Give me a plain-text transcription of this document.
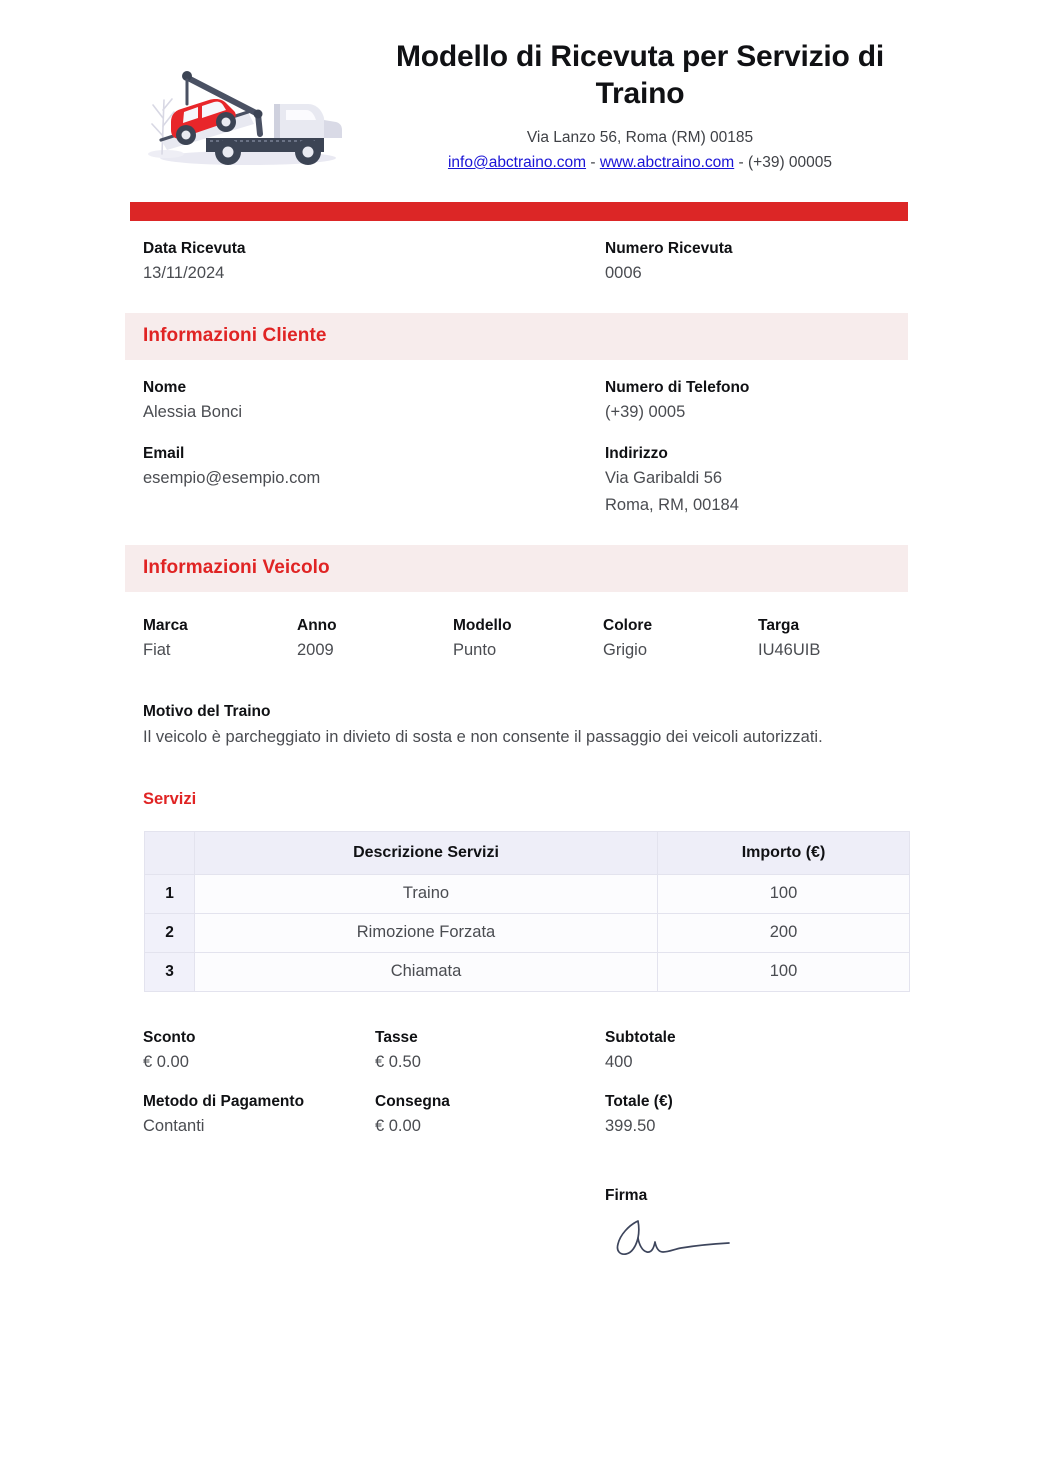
Modello di Ricevuta per Servizio di Traino
Via Lanzo 56, Roma (RM) 00185
info@abctraino.com - www.abctraino.com - (+39) 00005
Data Ricevuta
13/11/2024
Numero Ricevuta
0006
Informazioni Cliente
Nome
Alessia Bonci
Numero di Telefono
(+39) 0005
Email
esempio@esempio.com
Indirizzo
Via Garibaldi 56
Roma, RM, 00184
Informazioni Veicolo
Marca
Fiat
Anno
2009
Modello
Punto
Colore
Grigio
Targa
IU46UIB
Motivo del Traino
Il veicolo è parcheggiato in divieto di sosta e non consente il passaggio dei veicoli autorizzati.
Servizi
	Descrizione Servizi	Importo (€)
1	Traino	100
2	Rimozione Forzata	200
3	Chiamata	100
Sconto
€ 0.00
Tasse
€ 0.50
Subtotale
400
Metodo di Pagamento
Contanti
Consegna
€ 0.00
Totale (€)
399.50
Firma
